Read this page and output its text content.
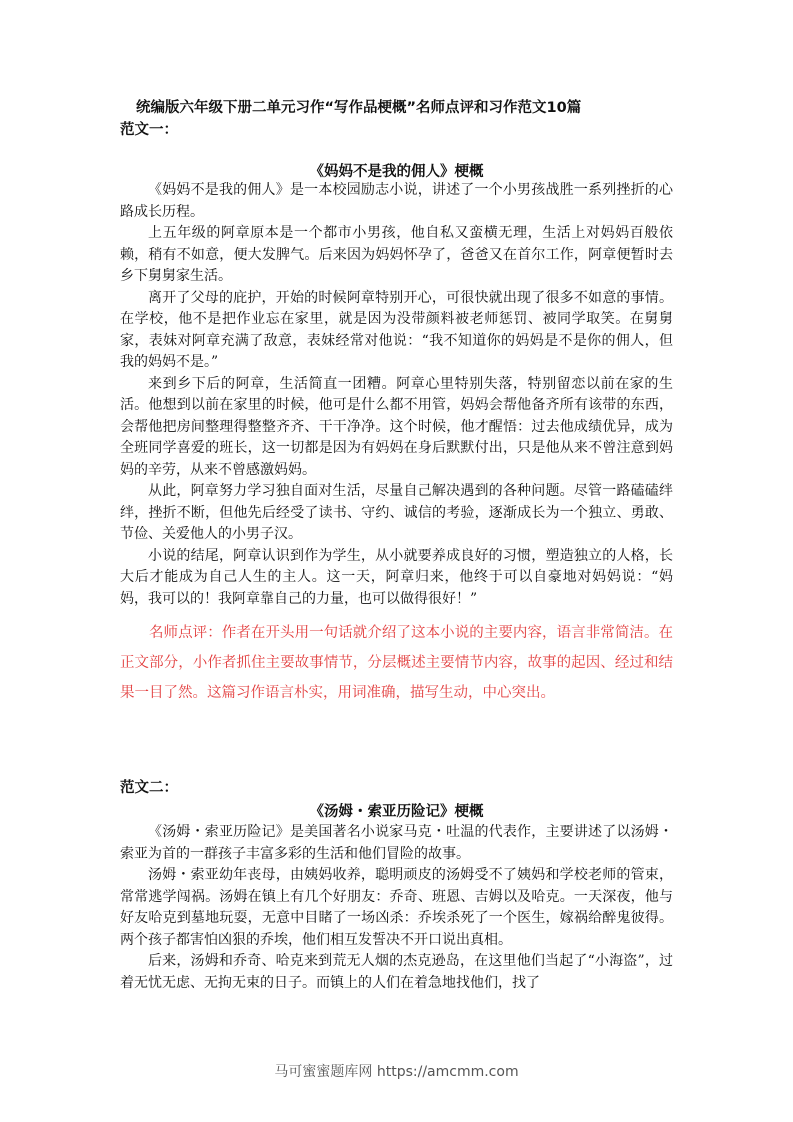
统编版六年级下册二单元习作“写作品梗概”名师点评和习作范文10篇
范文一：
《妈妈不是我的佣人》梗概

《妈妈不是我的佣人》是一本校园励志小说，讲述了一个小男孩战胜一系列挫折的心路成长历程。

上五年级的阿章原本是一个都市小男孩，他自私又蛮横无理，生活上对妈妈百般依赖，稍有不如意，便大发脾气。后来因为妈妈怀孕了，爸爸又在首尔工作，阿章便暂时去乡下舅舅家生活。

离开了父母的庇护，开始的时候阿章特别开心，可很快就出现了很多不如意的事情。在学校，他不是把作业忘在家里，就是因为没带颜料被老师惩罚、被同学取笑。在舅舅家，表妹对阿章充满了敌意，表妹经常对他说：“我不知道你的妈妈是不是你的佣人，但我的妈妈不是。”

来到乡下后的阿章，生活简直一团糟。阿章心里特别失落，特别留恋以前在家的生活。他想到以前在家里的时候，他可是什么都不用管，妈妈会帮他备齐所有该带的东西，会帮他把房间整理得整整齐齐、干干净净。这个时候，他才醒悟：过去他成绩优异，成为全班同学喜爱的班长，这一切都是因为有妈妈在身后默默付出，只是他从来不曾注意到妈妈的辛劳，从来不曾感激妈妈。

从此，阿章努力学习独自面对生活，尽量自己解决遇到的各种问题。尽管一路磕磕绊绊，挫折不断，但他先后经受了读书、守约、诚信的考验，逐渐成长为一个独立、勇敢、节俭、关爱他人的小男子汉。

小说的结尾，阿章认识到作为学生，从小就要养成良好的习惯，塑造独立的人格，长大后才能成为自己人生的主人。这一天，阿章归来，他终于可以自豪地对妈妈说：“妈妈，我可以的！我阿章靠自己的力量，也可以做得很好！”

名师点评：作者在开头用一句话就介绍了这本小说的主要内容，语言非常简洁。在正文部分，小作者抓住主要故事情节，分层概述主要情节内容，故事的起因、经过和结果一目了然。这篇习作语言朴实，用词准确，描写生动，中心突出。

范文二：
《汤姆・索亚历险记》梗概

《汤姆・索亚历险记》是美国著名小说家马克・吐温的代表作，主要讲述了以汤姆・索亚为首的一群孩子丰富多彩的生活和他们冒险的故事。

汤姆・索亚幼年丧母，由姨妈收养，聪明顽皮的汤姆受不了姨妈和学校老师的管束，常常逃学闯祸。汤姆在镇上有几个好朋友：乔奇、班恩、吉姆以及哈克。一天深夜，他与好友哈克到墓地玩耍，无意中目睹了一场凶杀：乔埃杀死了一个医生，嫁祸给醉鬼彼得。两个孩子都害怕凶狠的乔埃，他们相互发誓决不开口说出真相。

后来，汤姆和乔奇、哈克来到荒无人烟的杰克逊岛，在这里他们当起了“小海盗”，过着无忧无虑、无拘无束的日子。而镇上的人们在着急地找他们，找了

马可蜜蜜题库网 https://amcmm.com
